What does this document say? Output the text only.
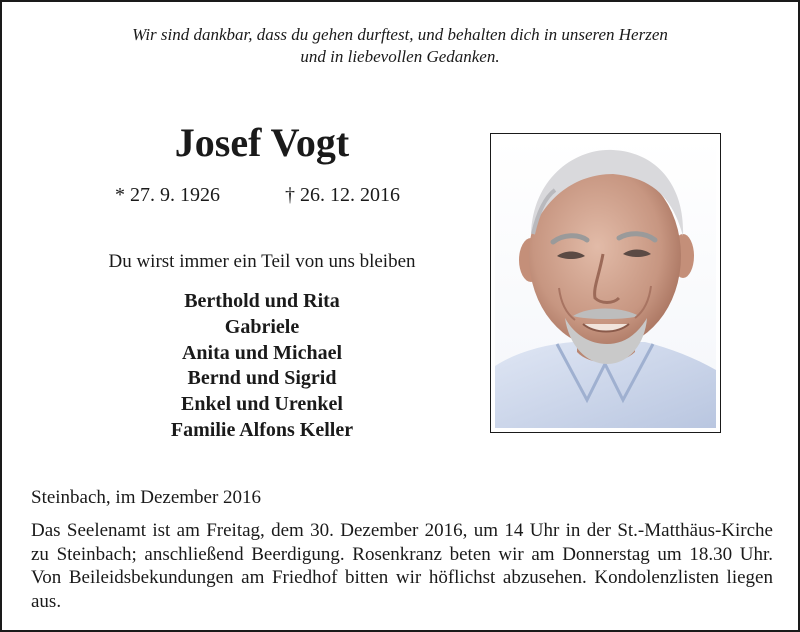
Wir sind dankbar, dass du gehen durftest, und behalten dich in unseren Herzen
und in liebevollen Gedanken.
Josef Vogt
* 27. 9. 1926	† 26. 12. 2016
Du wirst immer ein Teil von uns bleiben
Berthold und Rita
Gabriele
Anita und Michael
Bernd und Sigrid
Enkel und Urenkel
Familie Alfons Keller
Steinbach, im Dezember 2016
Das Seelenamt ist am Freitag, dem 30. Dezember 2016, um 14 Uhr in der St.-Matthäus-Kirche zu Steinbach; anschließend Beerdigung. Rosenkranz beten wir am Donnerstag um 18.30 Uhr. Von Beileidsbekundungen am Friedhof bitten wir höflichst abzusehen. Kondolenzlisten liegen aus.
